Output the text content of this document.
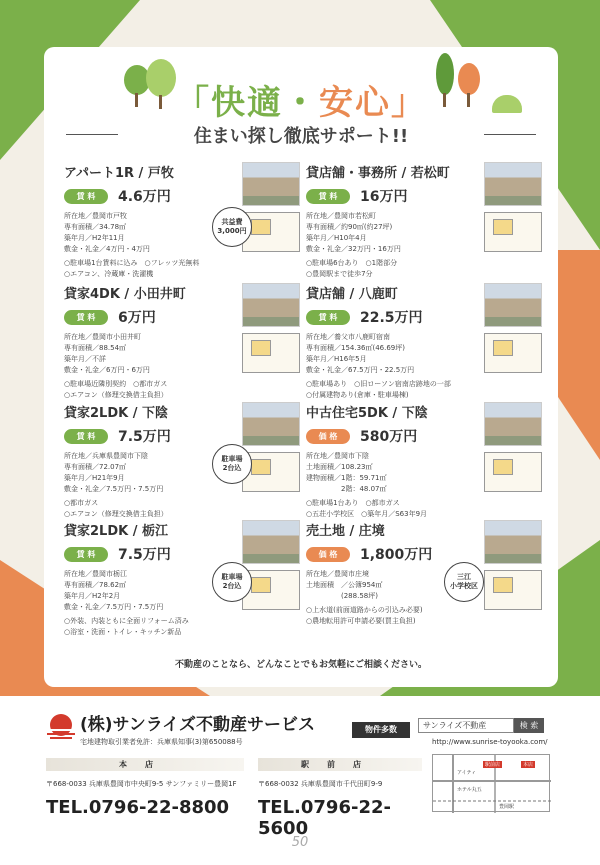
「快適・安心」
住まい探し徹底サポート!!
アパート1R / 戸牧
賃 料	4.6万円
所在地／豊岡市戸牧
専有面積／34.78㎡
築年月／H2年11月
敷金・礼金／4万円・4万円
○駐車場1台賃料に込み　○フレッツ光無料
○エアコン、冷蔵庫・洗濯機
共益費
3,000円
貸店舗・事務所 / 若松町
賃 料	16万円
所在地／豊岡市若松町
専有面積／約90㎡(約27坪)
築年月／H10年4月
敷金・礼金／32万円・16万円
○駐車場6台あり　○1階部分
○豊岡駅まで徒歩7分
貸家4DK / 小田井町
賃 料	6万円
所在地／豊岡市小田井町
専有面積／88.54㎡
築年月／不詳
敷金・礼金／6万円・6万円
○駐車場近隣別契約　○都市ガス
○エアコン（修理交換借主負担）
貸店舗 / 八鹿町
賃 料	22.5万円
所在地／養父市八鹿町宿南
専有面積／154.36㎡(46.69坪)
築年月／H16年5月
敷金・礼金／67.5万円・22.5万円
○駐車場あり　○旧ローソン宿南店跡地の一部
○付属建物あり(倉庫・駐車場棟)
貸家2LDK / 下陰
賃 料	7.5万円
所在地／兵庫県豊岡市下陰
専有面積／72.07㎡
築年月／H21年9月
敷金・礼金／7.5万円・7.5万円
○都市ガス
○エアコン（修理交換借主負担）
駐車場
2台込
中古住宅5DK / 下陰
価 格	580万円
所在地／豊岡市下陰
土地面積／108.23㎡
建物面積／1階：59.71㎡
　　　　　2階：48.07㎡
○駐車場1台あり　○都市ガス
○五荘小学校区　○築年月／S63年9月
貸家2LDK / 栃江
賃 料	7.5万円
所在地／豊岡市栃江
専有面積／78.62㎡
築年月／H2年2月
敷金・礼金／7.5万円・7.5万円
○外装、内装ともに全面リフォーム済み
○浴室・洗面・トイレ・キッチン新品
駐車場
2台込
売土地 / 庄境
価 格	1,800万円
所在地／豊岡市庄境
土地面積　／公簿954㎡
　　　　　(288.58坪)
○上水道(前面道路からの引込み必要)
○農地転用許可申請必要(買主負担)
三江
小学校区
不動産のことなら、どんなことでもお気軽にご相談ください。
(株)サンライズ不動産サービス
宅地建物取引業者免許：兵庫県知事(3)第650088号
物件多数	サンライズ不動産	検 索
http://www.sunrise-toyooka.com/
本店
〒668-0033 兵庫県豊岡市中央町9-5 サンファミリー豊岡1F
TEL.0796-22-8800
駅前店
〒668-0032 兵庫県豊岡市千代田町9-9
TEL.0796-22-5600
アイティ
駅前店	本店
ホテル丸五
豊岡駅
50
